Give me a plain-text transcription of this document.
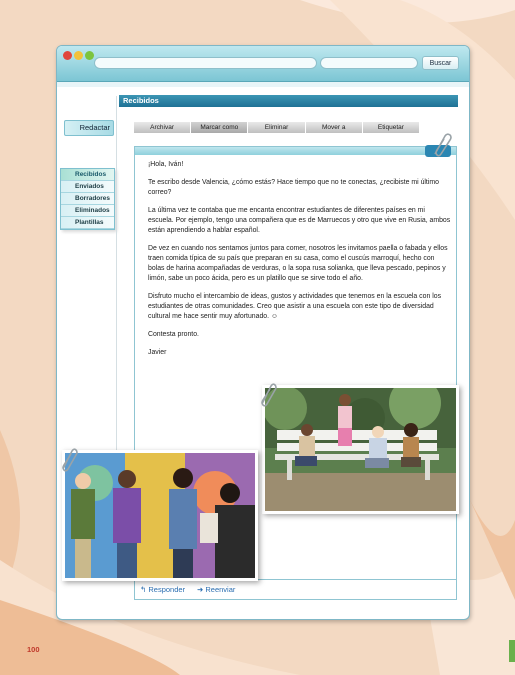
Buscar
Redactar
Recibidos
Enviados
Borradores
Eliminados
Plantillas
Recibidos
Archivar	Marcar como	Eliminar	Mover a	Etiquetar

¡Hola, Iván!

Te escribo desde Valencia, ¿cómo estás? Hace tiempo que no te conectas, ¿recibiste mi último correo?

La última vez te contaba que me encanta encontrar estudiantes de diferentes países en mi escuela. Por ejemplo, tengo una compañera que es de Marruecos y otro que vive en Rusia, ambos están aprendiendo a hablar español.

De vez en cuando nos sentamos juntos para comer, nosotros les invitamos paella o fabada y ellos traen comida típica de su país que preparan en su casa, como el cuscús marroquí, hecho con bolas de harina acompañadas de verduras, o la sopa rusa solianka, que lleva pescado, pepinos y limón, sabe un poco ácida, pero es un platillo que se sirve todo el año.

Disfruto mucho el intercambio de ideas, gustos y actividades que tenemos en la escuela con los estudiantes de otras comunidades. Creo que asistir a una escuela con este tipo de diversidad cultural me hace sentir muy afortunado. ☺

Contesta pronto.

Javier

↰ Responder ➜ Reenviar
100
